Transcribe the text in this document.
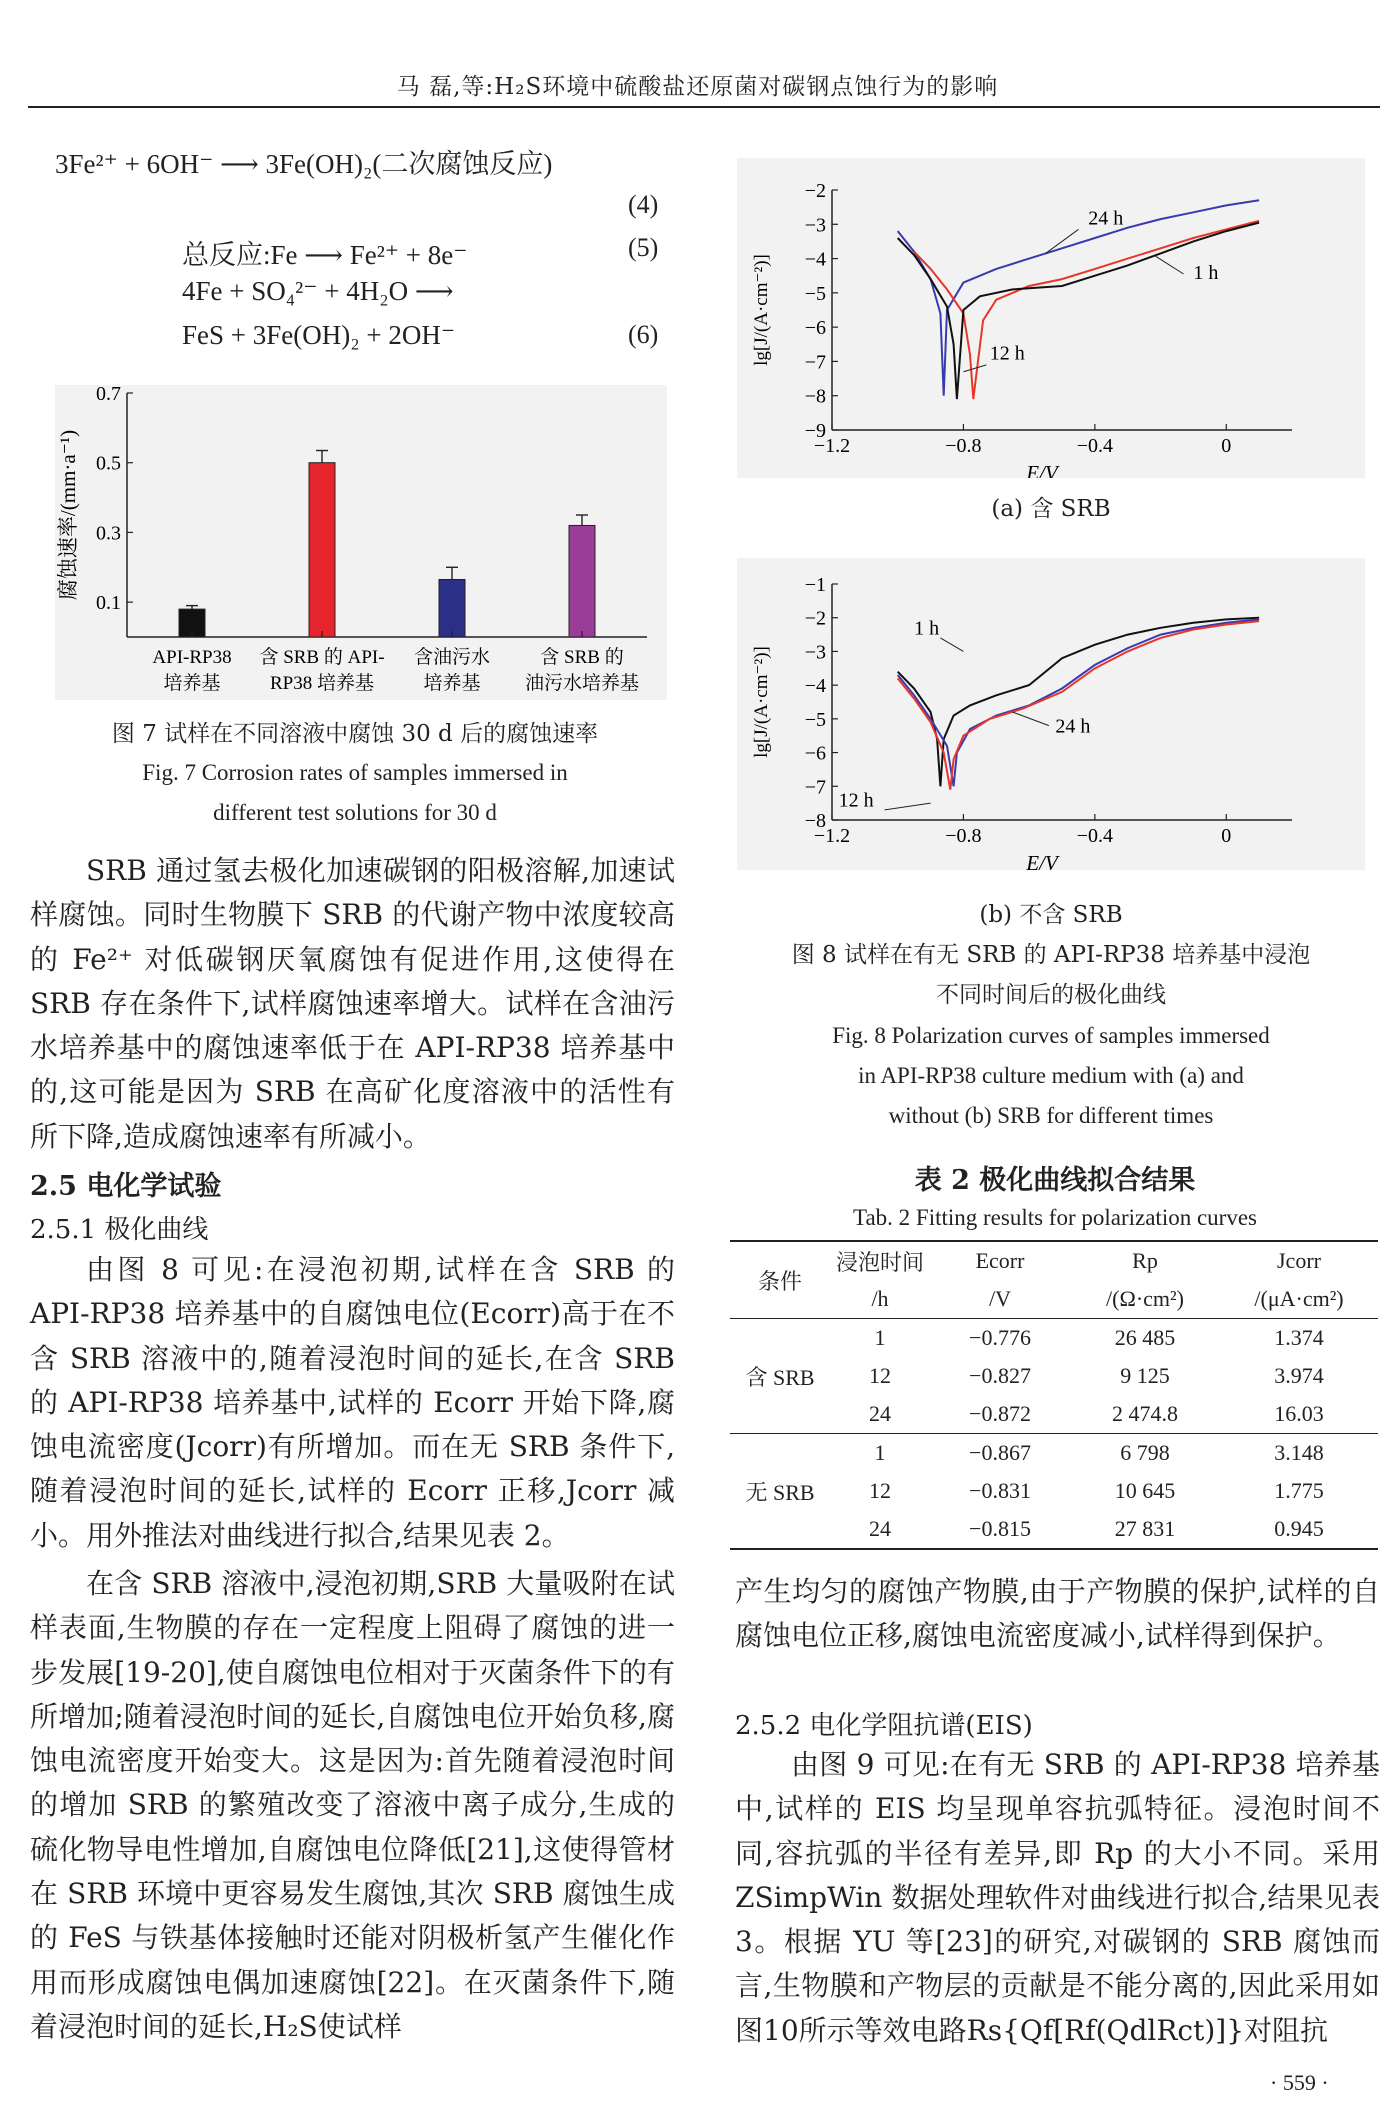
马 磊,等:H₂S环境中硫酸盐还原菌对碳钢点蚀行为的影响
3Fe²⁺ + 6OH⁻ ⟶ 3Fe(OH)₂(二次腐蚀反应)
(4)
总反应:Fe ⟶ Fe²⁺ + 8e⁻	(5)
4Fe + SO₄²⁻ + 4H₂O ⟶
FeS + 3Fe(OH)₂ + 2OH⁻	(6)
0.1
0.3
0.5
0.7
腐蚀速率/(mm·a⁻¹)
API-RP38
培养基
含 SRB 的 API-
RP38 培养基
含油污水
培养基
含 SRB 的
油污水培养基
图 7 试样在不同溶液中腐蚀 30 d 后的腐蚀速率
Fig. 7 Corrosion rates of samples immersed in
different test solutions for 30 d

SRB 通过氢去极化加速碳钢的阳极溶解,加速试样腐蚀。同时生物膜下 SRB 的代谢产物中浓度较高的 Fe²⁺ 对低碳钢厌氧腐蚀有促进作用,这使得在 SRB 存在条件下,试样腐蚀速率增大。试样在含油污水培养基中的腐蚀速率低于在 API-RP38 培养基中的,这可能是因为 SRB 在高矿化度溶液中的活性有所下降,造成腐蚀速率有所减小。

2.5 电化学试验
2.5.1 极化曲线

由图 8 可见:在浸泡初期,试样在含 SRB 的 API-RP38 培养基中的自腐蚀电位(Ecorr)高于在不含 SRB 溶液中的,随着浸泡时间的延长,在含 SRB 的 API-RP38 培养基中,试样的 Ecorr 开始下降,腐蚀电流密度(Jcorr)有所增加。而在无 SRB 条件下,随着浸泡时间的延长,试样的 Ecorr 正移,Jcorr 减小。用外推法对曲线进行拟合,结果见表 2。

在含 SRB 溶液中,浸泡初期,SRB 大量吸附在试样表面,生物膜的存在一定程度上阻碍了腐蚀的进一步发展[19-20],使自腐蚀电位相对于灭菌条件下的有所增加;随着浸泡时间的延长,自腐蚀电位开始负移,腐蚀电流密度开始变大。这是因为:首先随着浸泡时间的增加 SRB 的繁殖改变了溶液中离子成分,生成的硫化物导电性增加,自腐蚀电位降低[21],这使得管材在 SRB 环境中更容易发生腐蚀,其次 SRB 腐蚀生成的 FeS 与铁基体接触时还能对阴极析氢产生催化作用而形成腐蚀电偶加速腐蚀[22]。在灭菌条件下,随着浸泡时间的延长,H₂S使试样

−2
−3
−4
−5
−6
−7
−8
−9
−1.2	−0.8	−0.4	0
E/V
lg[J/(A·cm⁻²)]
24 h
1 h
12 h
(a) 含 SRB
−1
−2
−3
−4
−5
−6
−7
−8
−1.2	−0.8	−0.4	0
E/V
lg[J/(A·cm⁻²)]
1 h
24 h
12 h
(b) 不含 SRB
图 8 试样在有无 SRB 的 API-RP38 培养基中浸泡
不同时间后的极化曲线
Fig. 8 Polarization curves of samples immersed
in API-RP38 culture medium with (a) and
without (b) SRB for different times
表 2 极化曲线拟合结果
Tab. 2 Fitting results for polarization curves
条件	浸泡时间	Ecorr	Rp	Jcorr
	/h	/V	/(Ω·cm²)	/(μA·cm²)
含 SRB	1	−0.776	26 485	1.374
	12	−0.827	9 125	3.974
	24	−0.872	2 474.8	16.03
无 SRB	1	−0.867	6 798	3.148
	12	−0.831	10 645	1.775
	24	−0.815	27 831	0.945

产生均匀的腐蚀产物膜,由于产物膜的保护,试样的自腐蚀电位正移,腐蚀电流密度减小,试样得到保护。

2.5.2 电化学阻抗谱(EIS)

由图 9 可见:在有无 SRB 的 API-RP38 培养基中,试样的 EIS 均呈现单容抗弧特征。浸泡时间不同,容抗弧的半径有差异,即 Rp 的大小不同。采用 ZSimpWin 数据处理软件对曲线进行拟合,结果见表 3。根据 YU 等[23]的研究,对碳钢的 SRB 腐蚀而言,生物膜和产物层的贡献是不能分离的,因此采用如图10所示等效电路Rs{Qf[Rf(QdlRct)]}对阻抗

· 559 ·
